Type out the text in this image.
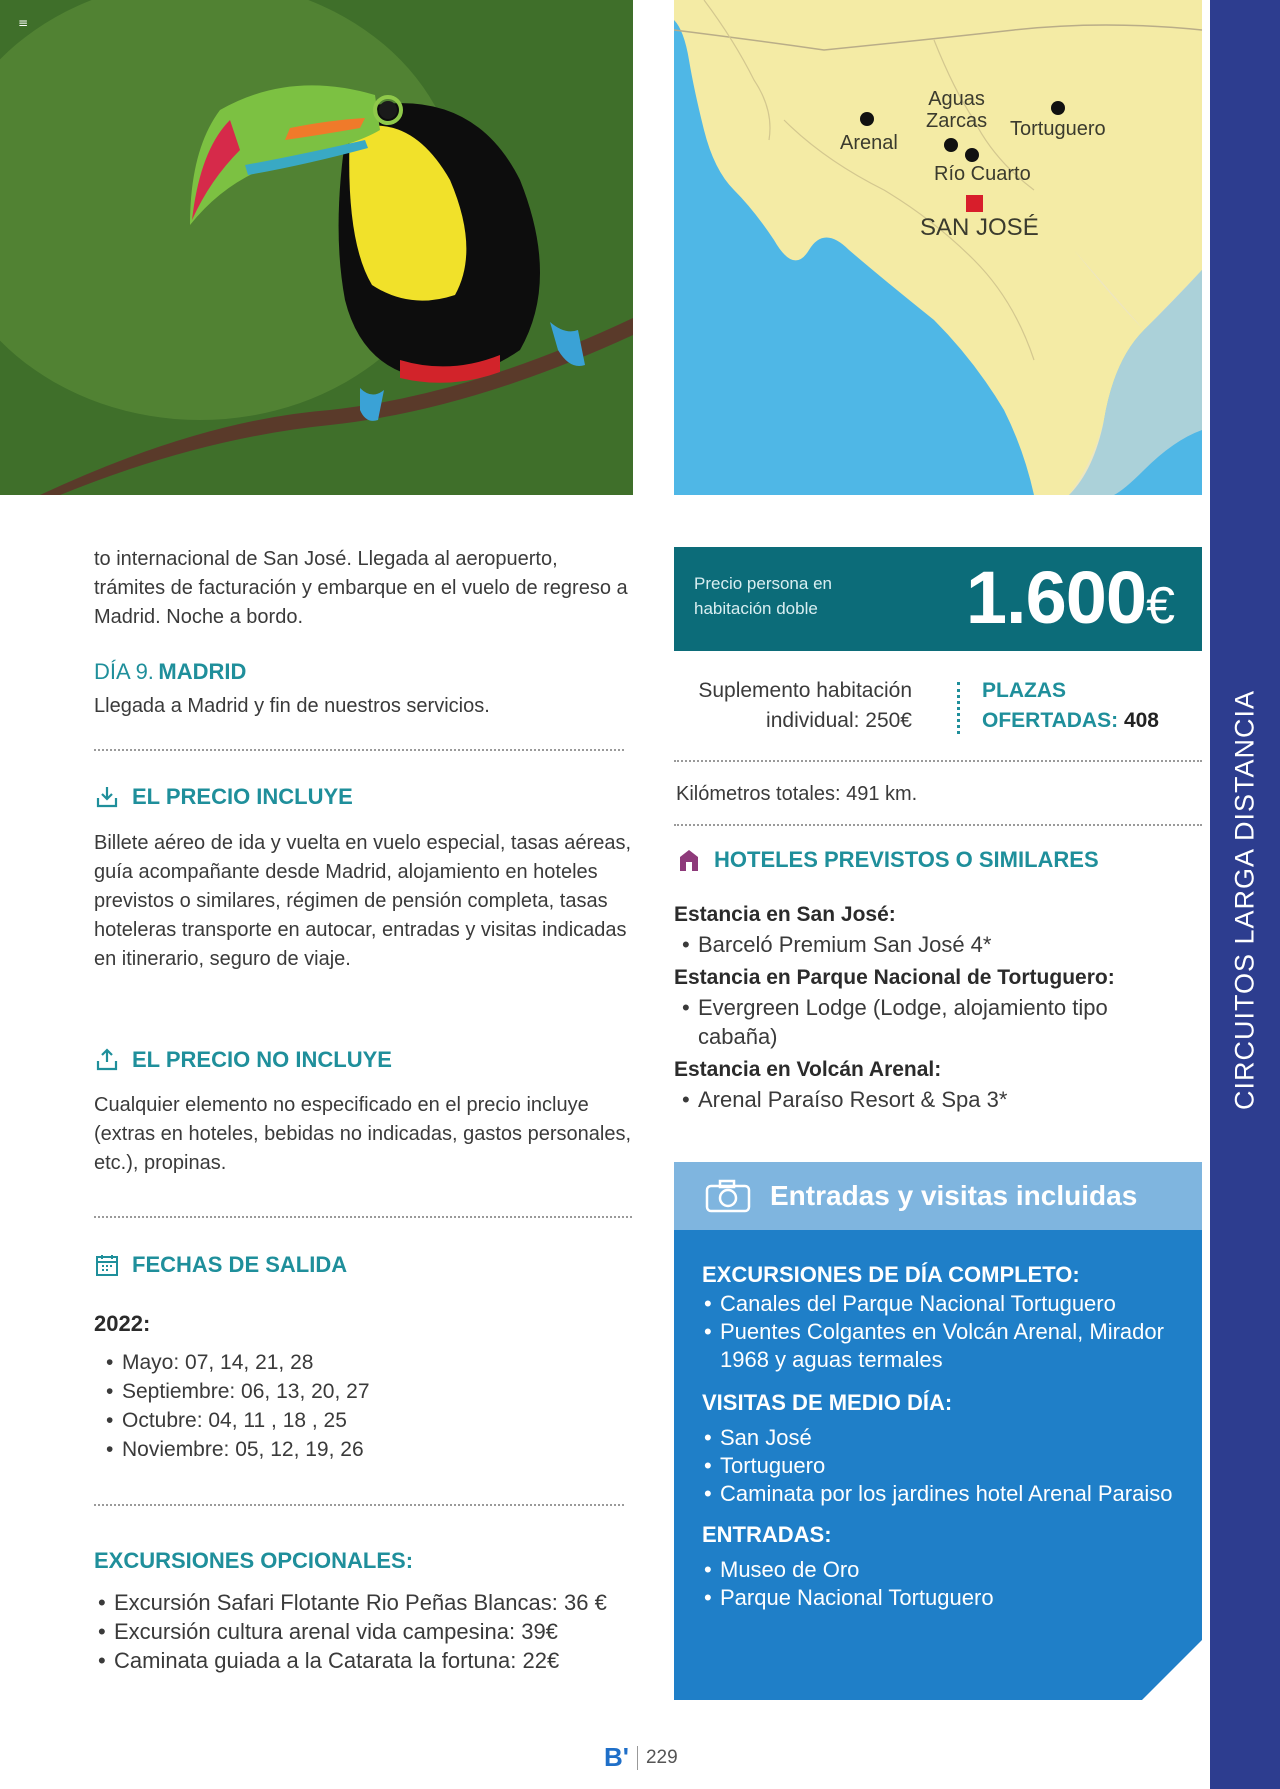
≡
Aguas
Zarcas
Arenal
Tortuguero
Río Cuarto
SAN JOSÉ
CIRCUITOS LARGA DISTANCIA
to internacional de San José. Llegada al aeropuerto, trámites de facturación y embarque en el vuelo de regreso a Madrid. Noche a bordo.
DÍA 9. MADRID
Llegada a Madrid y fin de nuestros servicios.
EL PRECIO INCLUYE
Billete aéreo de ida y vuelta en vuelo especial, tasas aéreas, guía acompañante desde Madrid, alojamiento en hoteles previstos o similares, régimen de pensión completa, tasas hoteleras transporte en autocar, entradas y visitas indicadas en itinerario, seguro de viaje.
EL PRECIO NO INCLUYE
Cualquier elemento no especificado en el precio incluye (extras en hoteles, bebidas no indicadas, gastos personales, etc.), propinas.
FECHAS DE SALIDA
2022:
• Mayo: 07, 14, 21, 28
• Septiembre: 06, 13, 20, 27
• Octubre: 04, 11 , 18 , 25
• Noviembre: 05, 12, 19, 26
EXCURSIONES OPCIONALES:
• Excursión Safari Flotante Rio Peñas Blancas: 36 €
• Excursión cultura arenal vida campesina: 39€
• Caminata guiada a la Catarata la fortuna: 22€
Precio persona en habitación doble	1.600€
Suplemento habitación
individual: 250€
PLAZAS
OFERTADAS: 408
Kilómetros totales: 491 km.
HOTELES PREVISTOS O SIMILARES
Estancia en San José:
• Barceló Premium San José 4*
Estancia en Parque Nacional de Tortuguero:
• Evergreen Lodge (Lodge, alojamiento tipo cabaña)
Estancia en Volcán Arenal:
• Arenal Paraíso Resort & Spa 3*
Entradas y visitas incluidas
EXCURSIONES DE DÍA COMPLETO:
• Canales del Parque Nacional Tortuguero
• Puentes Colgantes en Volcán Arenal, Mirador 1968 y aguas termales
VISITAS DE MEDIO DÍA:
• San José
• Tortuguero
• Caminata por los jardines hotel Arenal Paraiso
ENTRADAS:
• Museo de Oro
• Parque Nacional Tortuguero
B' 229
